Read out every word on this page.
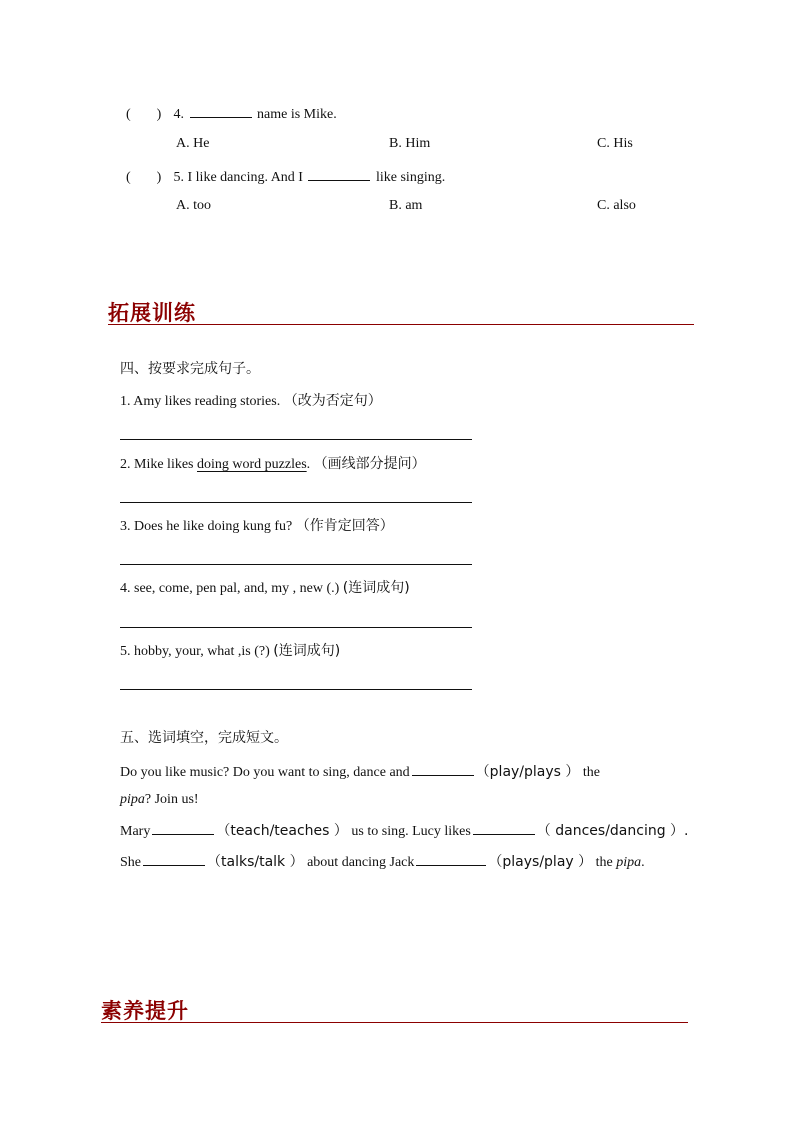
( ) 4.	name is Mike.
A. He	B. Him	C. His
( ) 5. I like dancing. And I	like singing.
A. too	B. am	C. also
拓展训练
四、按要求完成句子。
1. Amy likes reading stories. （改为否定句）
2. Mike likes doing word puzzles. （画线部分提问）
3. Does he like doing kung fu? （作肯定回答）
4. see, come, pen pal, and, my , new (.) (连词成句)
5. hobby, your, what ,is (?) (连词成句)
五、选词填空，完成短文。
Do you like music? Do you want to sing, dance and	（play/plays ） the
pipa? Join us!
Mary	（teach/teaches ） us to sing. Lucy likes	（ dances/dancing ）.
She	（talks/talk ） about dancing Jack	（plays/play ） the pipa.
素养提升
